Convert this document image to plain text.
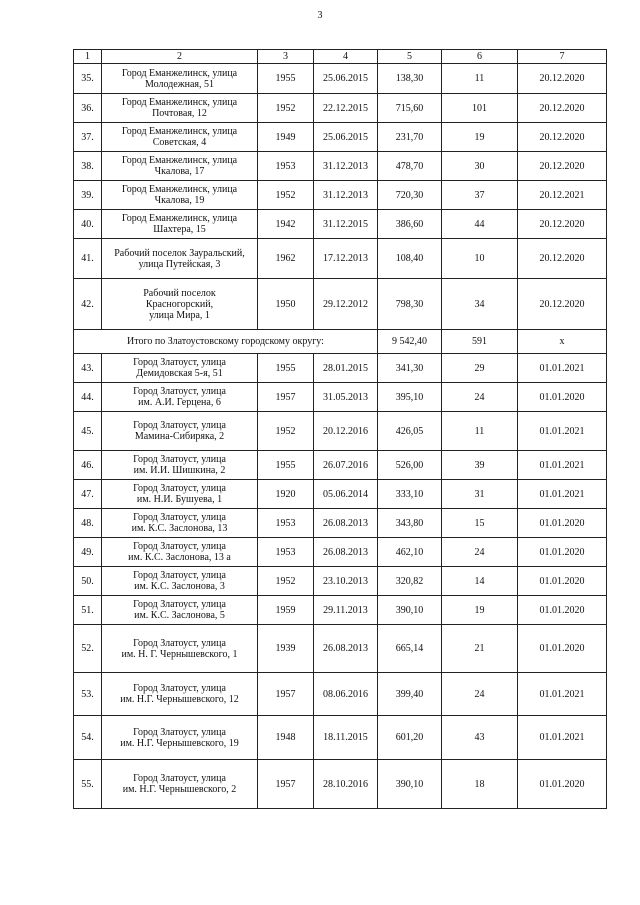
3
1	2	3	4	5	6	7
35.	Город Еманжелинск, улица
Молодежная, 51	1955	25.06.2015	138,30	11	20.12.2020
36.	Город Еманжелинск, улица
Почтовая, 12	1952	22.12.2015	715,60	101	20.12.2020
37.	Город Еманжелинск, улица
Советская, 4	1949	25.06.2015	231,70	19	20.12.2020
38.	Город Еманжелинск, улица
Чкалова, 17	1953	31.12.2013	478,70	30	20.12.2020
39.	Город Еманжелинск, улица
Чкалова, 19	1952	31.12.2013	720,30	37	20.12.2021
40.	Город Еманжелинск, улица
Шахтера, 15	1942	31.12.2015	386,60	44	20.12.2020
41.	Рабочий поселок Зауральский,
улица Путейская, 3	1962	17.12.2013	108,40	10	20.12.2020
42.	Рабочий поселок
Красногорский,
улица Мира, 1	1950	29.12.2012	798,30	34	20.12.2020
Итого по Златоустовскому городскому округу:				9 542,40	591	х
43.	Город Златоуст, улица
Демидовская 5-я, 51	1955	28.01.2015	341,30	29	01.01.2021
44.	Город Златоуст, улица
им. А.И. Герцена, 6	1957	31.05.2013	395,10	24	01.01.2020
45.	Город Златоуст, улица
Мамина-Сибиряка, 2	1952	20.12.2016	426,05	11	01.01.2021
46.	Город Златоуст, улица
им. И.И. Шишкина, 2	1955	26.07.2016	526,00	39	01.01.2021
47.	Город Златоуст, улица
им. Н.И. Бушуева, 1	1920	05.06.2014	333,10	31	01.01.2021
48.	Город Златоуст, улица
им. К.С. Заслонова, 13	1953	26.08.2013	343,80	15	01.01.2020
49.	Город Златоуст, улица
им. К.С. Заслонова, 13 а	1953	26.08.2013	462,10	24	01.01.2020
50.	Город Златоуст, улица
им. К.С. Заслонова, 3	1952	23.10.2013	320,82	14	01.01.2020
51.	Город Златоуст, улица
им. К.С. Заслонова, 5	1959	29.11.2013	390,10	19	01.01.2020
52.	Город Златоуст, улица
им. Н. Г. Чернышевского, 1	1939	26.08.2013	665,14	21	01.01.2020
53.	Город Златоуст, улица
им. Н.Г. Чернышевского, 12	1957	08.06.2016	399,40	24	01.01.2021
54.	Город Златоуст, улица
им. Н.Г. Чернышевского, 19	1948	18.11.2015	601,20	43	01.01.2021
55.	Город Златоуст, улица
им. Н.Г. Чернышевского, 2	1957	28.10.2016	390,10	18	01.01.2020
